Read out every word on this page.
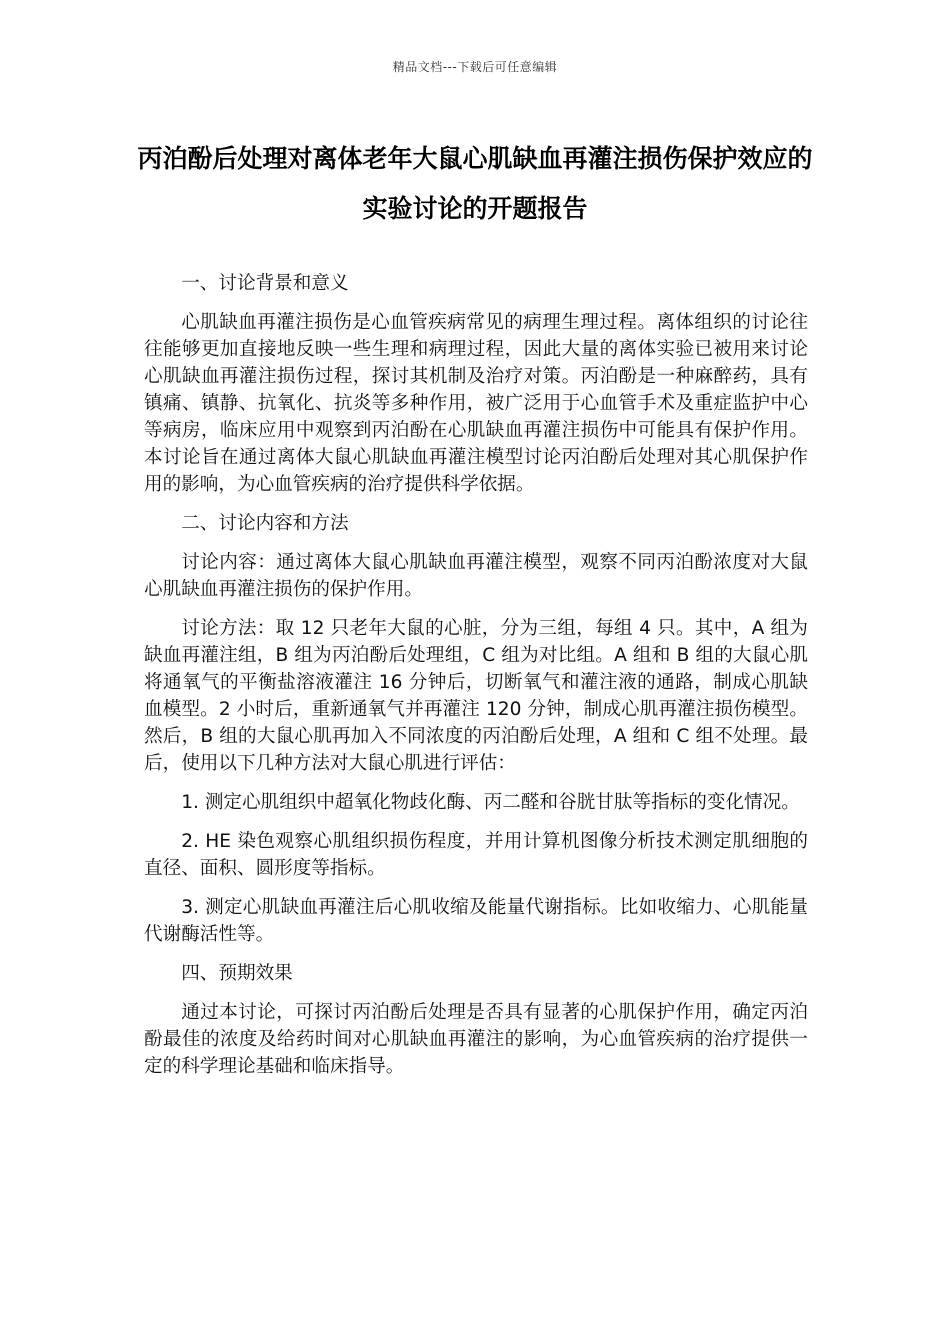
精品文档---下载后可任意编辑
丙泊酚后处理对离体老年大鼠心肌缺血再灌注损伤保护效应的实验讨论的开题报告

一、讨论背景和意义

心肌缺血再灌注损伤是心血管疾病常见的病理生理过程。离体组织的讨论往往能够更加直接地反映一些生理和病理过程，因此大量的离体实验已被用来讨论心肌缺血再灌注损伤过程，探讨其机制及治疗对策。丙泊酚是一种麻醉药，具有镇痛、镇静、抗氧化、抗炎等多种作用，被广泛用于心血管手术及重症监护中心等病房，临床应用中观察到丙泊酚在心肌缺血再灌注损伤中可能具有保护作用。本讨论旨在通过离体大鼠心肌缺血再灌注模型讨论丙泊酚后处理对其心肌保护作用的影响，为心血管疾病的治疗提供科学依据。

二、讨论内容和方法

讨论内容：通过离体大鼠心肌缺血再灌注模型，观察不同丙泊酚浓度对大鼠心肌缺血再灌注损伤的保护作用。

讨论方法：取 12 只老年大鼠的心脏，分为三组，每组 4 只。其中，A 组为缺血再灌注组，B 组为丙泊酚后处理组，C 组为对比组。A 组和 B 组的大鼠心肌将通氧气的平衡盐溶液灌注 16 分钟后，切断氧气和灌注液的通路，制成心肌缺血模型。2 小时后，重新通氧气并再灌注 120 分钟，制成心肌再灌注损伤模型。然后，B 组的大鼠心肌再加入不同浓度的丙泊酚后处理，A 组和 C 组不处理。最后，使用以下几种方法对大鼠心肌进行评估：

1. 测定心肌组织中超氧化物歧化酶、丙二醛和谷胱甘肽等指标的变化情况。

2. HE 染色观察心肌组织损伤程度，并用计算机图像分析技术测定肌细胞的直径、面积、圆形度等指标。

3. 测定心肌缺血再灌注后心肌收缩及能量代谢指标。比如收缩力、心肌能量代谢酶活性等。

四、预期效果

通过本讨论，可探讨丙泊酚后处理是否具有显著的心肌保护作用，确定丙泊酚最佳的浓度及给药时间对心肌缺血再灌注的影响，为心血管疾病的治疗提供一定的科学理论基础和临床指导。
